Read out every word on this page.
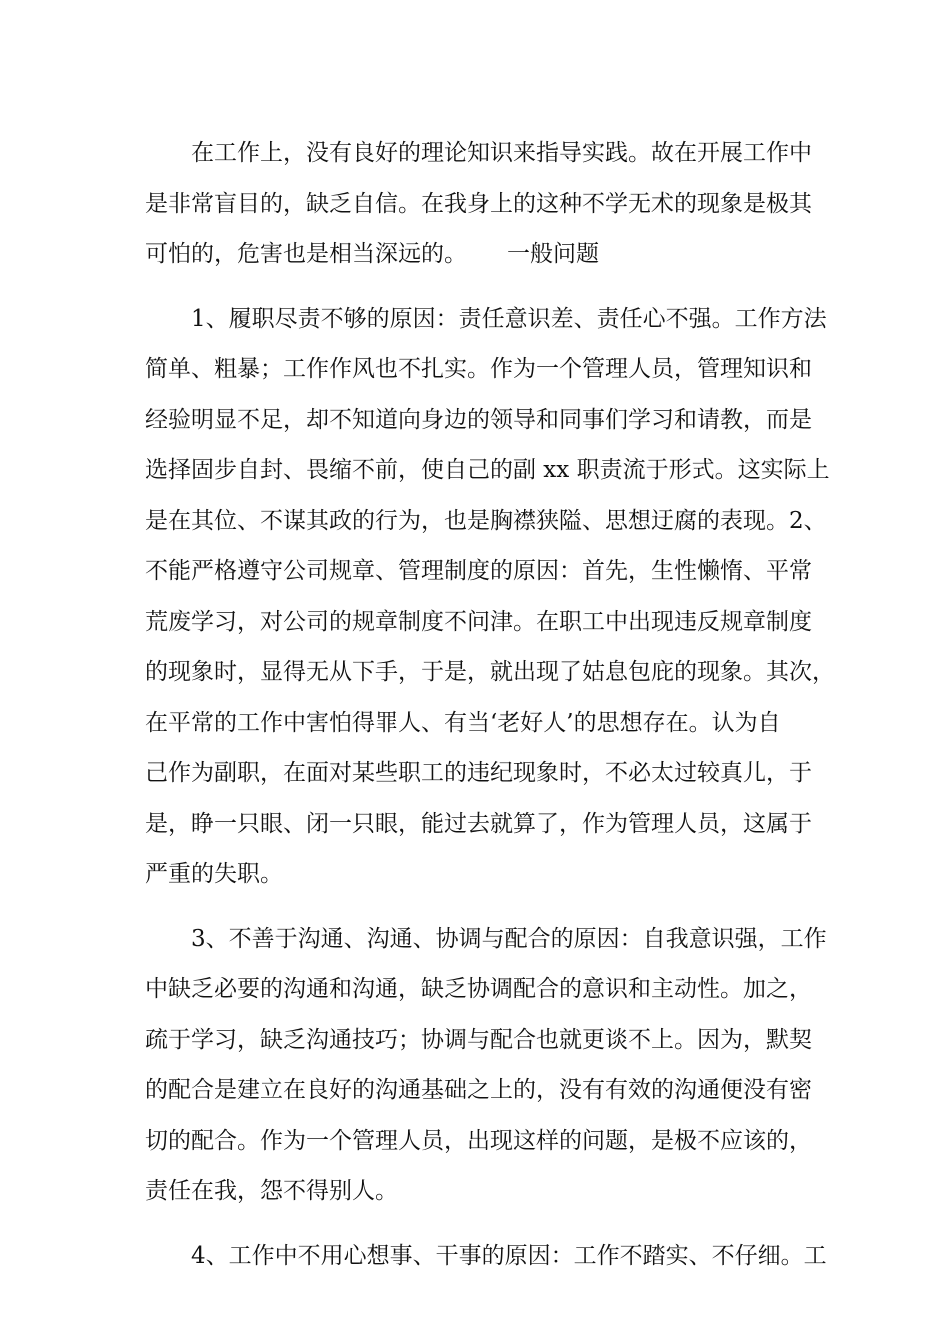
在工作上，没有良好的理论知识来指导实践。故在开展工作中
是非常盲目的，缺乏自信。在我身上的这种不学无术的现象是极其
可怕的，危害也是相当深远的。 一般问题
1、履职尽责不够的原因：责任意识差、责任心不强。工作方法
简单、粗暴；工作作风也不扎实。作为一个管理人员，管理知识和
经验明显不足，却不知道向身边的领导和同事们学习和请教，而是
选择固步自封、畏缩不前，使自己的副 xx 职责流于形式。这实际上
是在其位、不谋其政的行为，也是胸襟狭隘、思想迂腐的表现。2、
不能严格遵守公司规章、管理制度的原因：首先，生性懒惰、平常
荒废学习，对公司的规章制度不问津。在职工中出现违反规章制度
的现象时，显得无从下手，于是，就出现了姑息包庇的现象。其次，
在平常的工作中害怕得罪人、有当‘老好人’的思想存在。认为自
己作为副职，在面对某些职工的违纪现象时，不必太过较真儿，于
是，睁一只眼、闭一只眼，能过去就算了，作为管理人员，这属于
严重的失职。
3、不善于沟通、沟通、协调与配合的原因：自我意识强，工作
中缺乏必要的沟通和沟通，缺乏协调配合的意识和主动性。加之，
疏于学习，缺乏沟通技巧；协调与配合也就更谈不上。因为，默契
的配合是建立在良好的沟通基础之上的，没有有效的沟通便没有密
切的配合。作为一个管理人员，出现这样的问题，是极不应该的，
责任在我，怨不得别人。
4、工作中不用心想事、干事的原因：工作不踏实、不仔细。工
